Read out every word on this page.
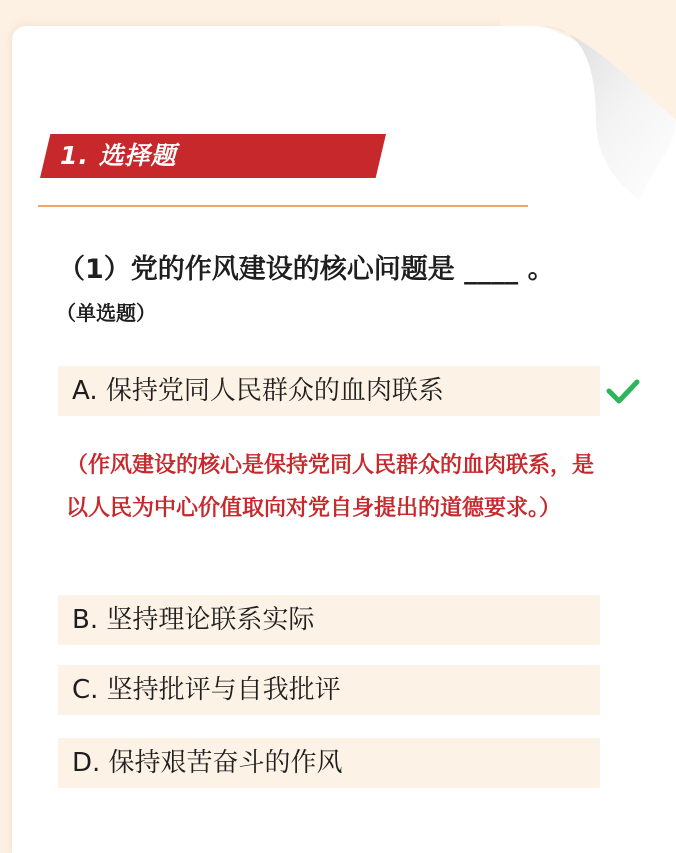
1. 选择题
（1）党的作风建设的核心问题是 ____ 。
（单选题）
A. 保持党同人民群众的血肉联系
（作风建设的核心是保持党同人民群众的血肉联系，是以人民为中心价值取向对党自身提出的道德要求。）
B. 坚持理论联系实际
C. 坚持批评与自我批评
D. 保持艰苦奋斗的作风
